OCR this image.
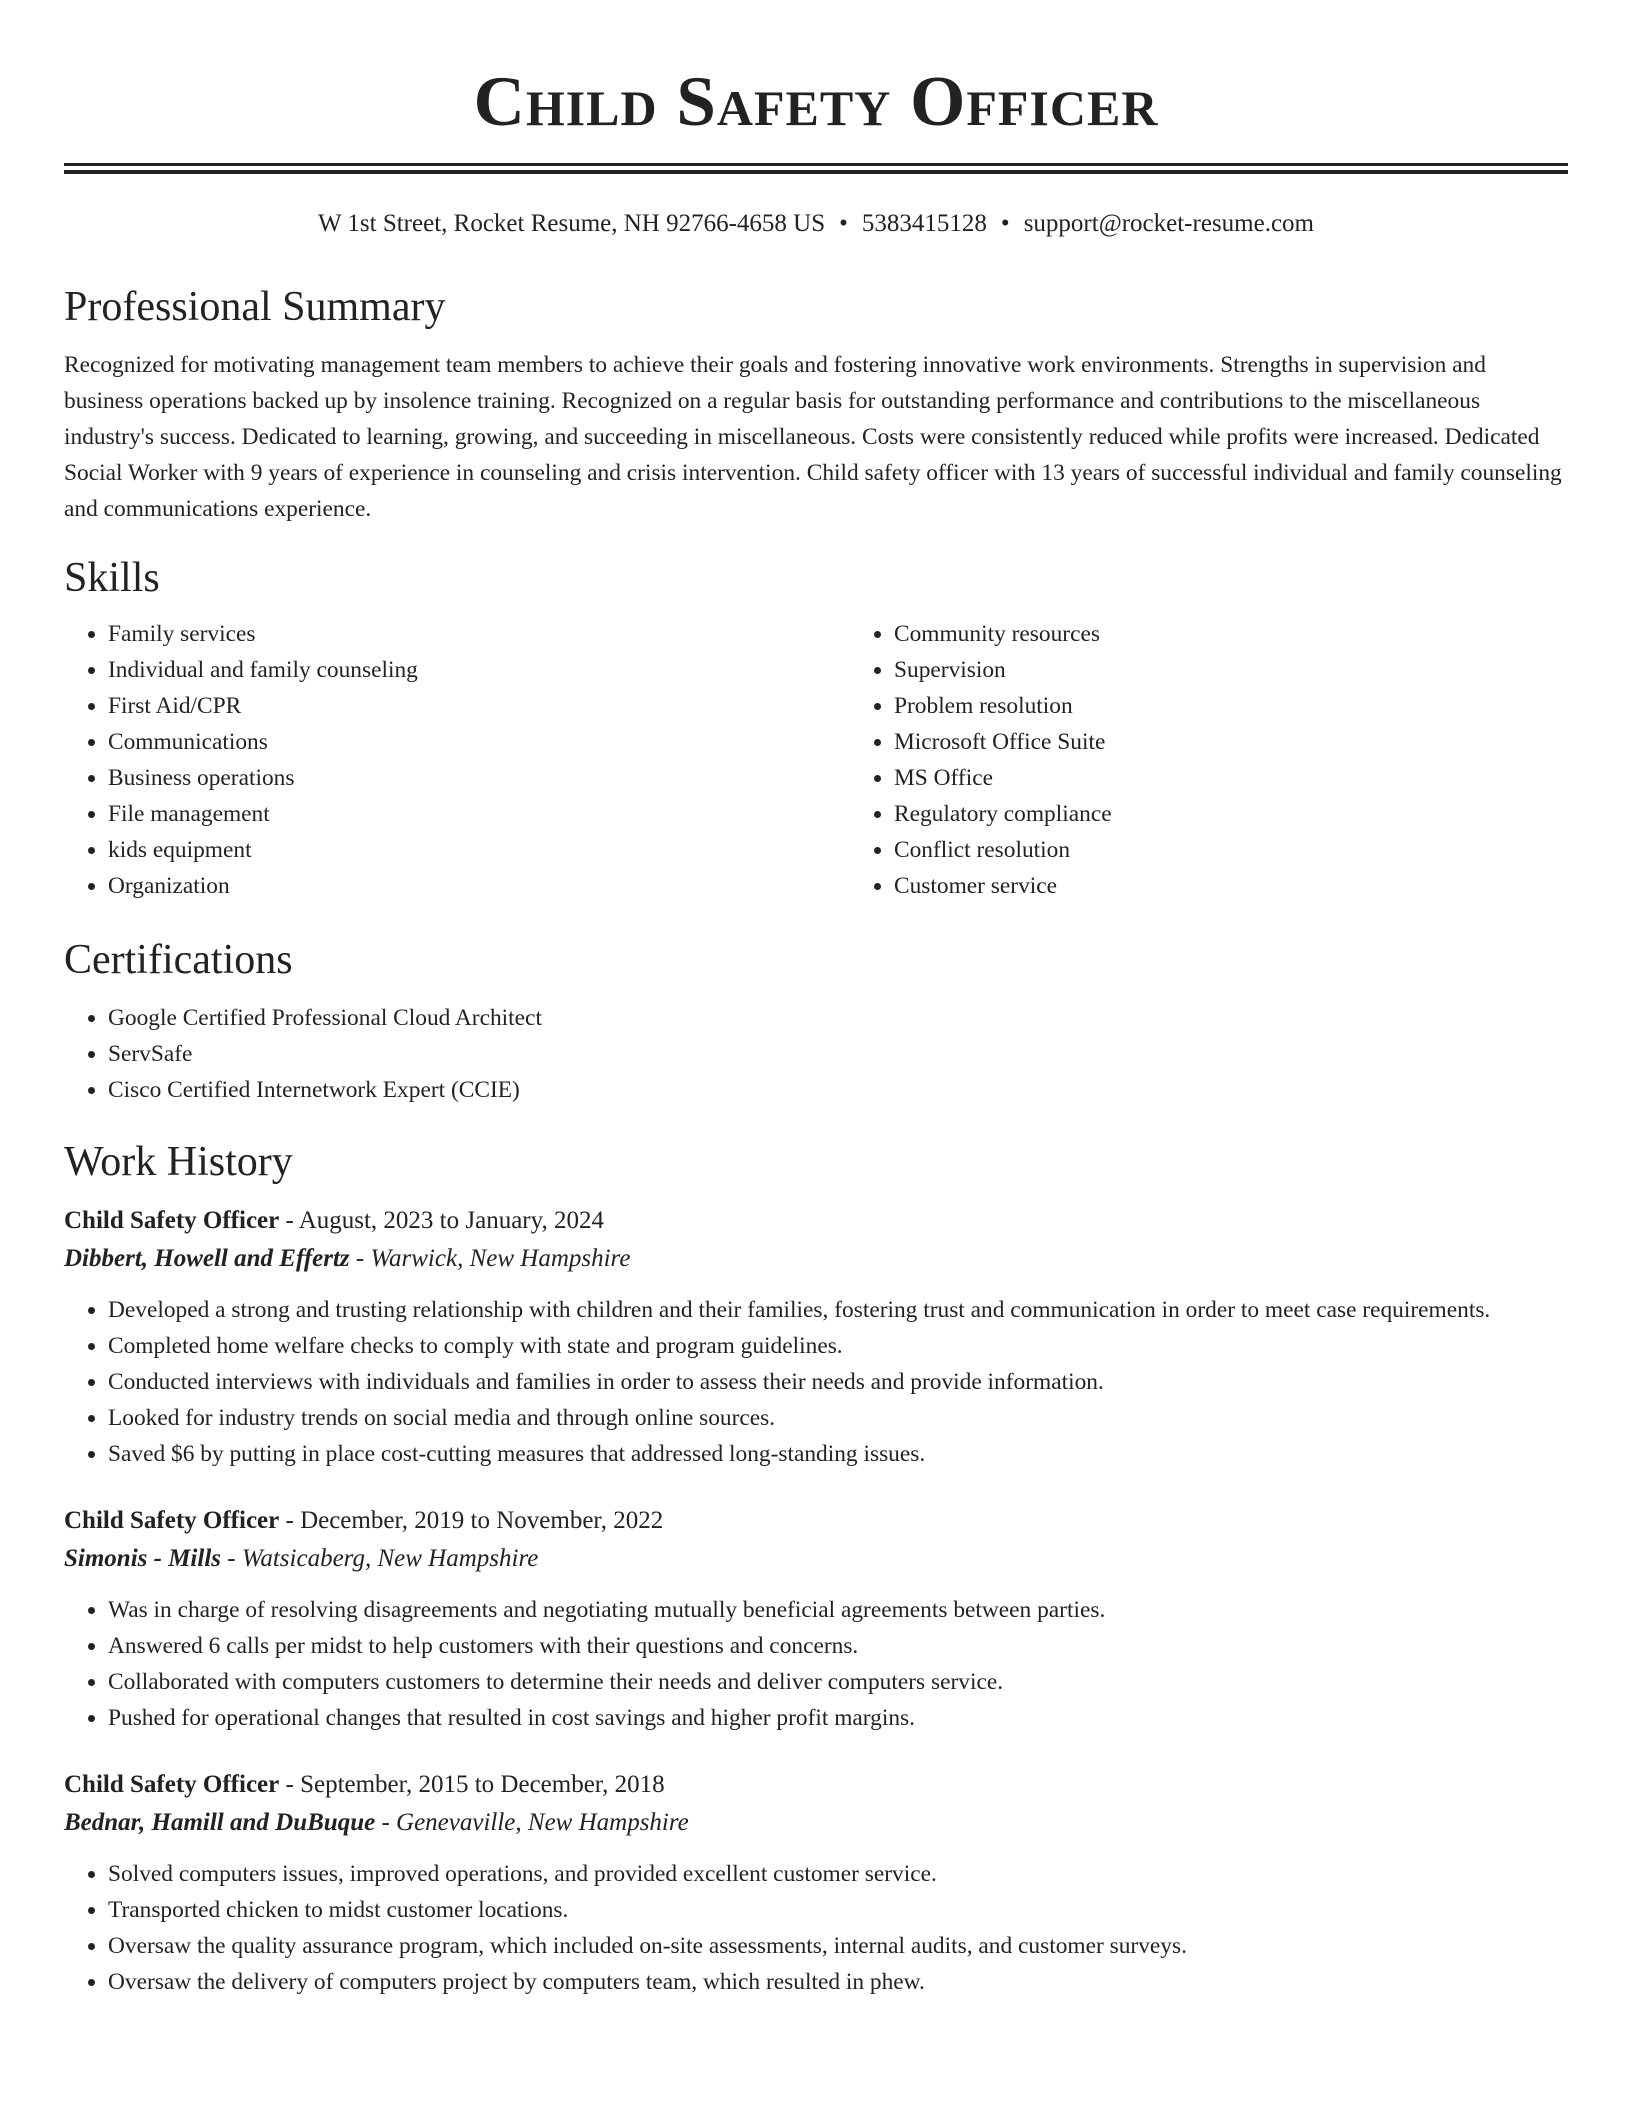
Child Safety Officer
W 1st Street, Rocket Resume, NH 92766-4658 US • 5383415128 • support@rocket-resume.com
Professional Summary

Recognized for motivating management team members to achieve their goals and fostering innovative work environments. Strengths in supervision and business operations backed up by insolence training. Recognized on a regular basis for outstanding performance and contributions to the miscellaneous industry's success. Dedicated to learning, growing, and succeeding in miscellaneous. Costs were consistently reduced while profits were increased. Dedicated Social Worker with 9 years of experience in counseling and crisis intervention. Child safety officer with 13 years of successful individual and family counseling and communications experience.

Skills
• Family services
• Individual and family counseling
• First Aid/CPR
• Communications
• Business operations
• File management
• kids equipment
• Organization
• Community resources
• Supervision
• Problem resolution
• Microsoft Office Suite
• MS Office
• Regulatory compliance
• Conflict resolution
• Customer service
Certifications
• Google Certified Professional Cloud Architect
• ServSafe
• Cisco Certified Internetwork Expert (CCIE)
Work History
Child Safety Officer - August, 2023 to January, 2024
Dibbert, Howell and Effertz - Warwick, New Hampshire
• Developed a strong and trusting relationship with children and their families, fostering trust and communication in order to meet case requirements.
• Completed home welfare checks to comply with state and program guidelines.
• Conducted interviews with individuals and families in order to assess their needs and provide information.
• Looked for industry trends on social media and through online sources.
• Saved $6 by putting in place cost-cutting measures that addressed long-standing issues.
Child Safety Officer - December, 2019 to November, 2022
Simonis - Mills - Watsicaberg, New Hampshire
• Was in charge of resolving disagreements and negotiating mutually beneficial agreements between parties.
• Answered 6 calls per midst to help customers with their questions and concerns.
• Collaborated with computers customers to determine their needs and deliver computers service.
• Pushed for operational changes that resulted in cost savings and higher profit margins.
Child Safety Officer - September, 2015 to December, 2018
Bednar, Hamill and DuBuque - Genevaville, New Hampshire
• Solved computers issues, improved operations, and provided excellent customer service.
• Transported chicken to midst customer locations.
• Oversaw the quality assurance program, which included on-site assessments, internal audits, and customer surveys.
• Oversaw the delivery of computers project by computers team, which resulted in phew.
